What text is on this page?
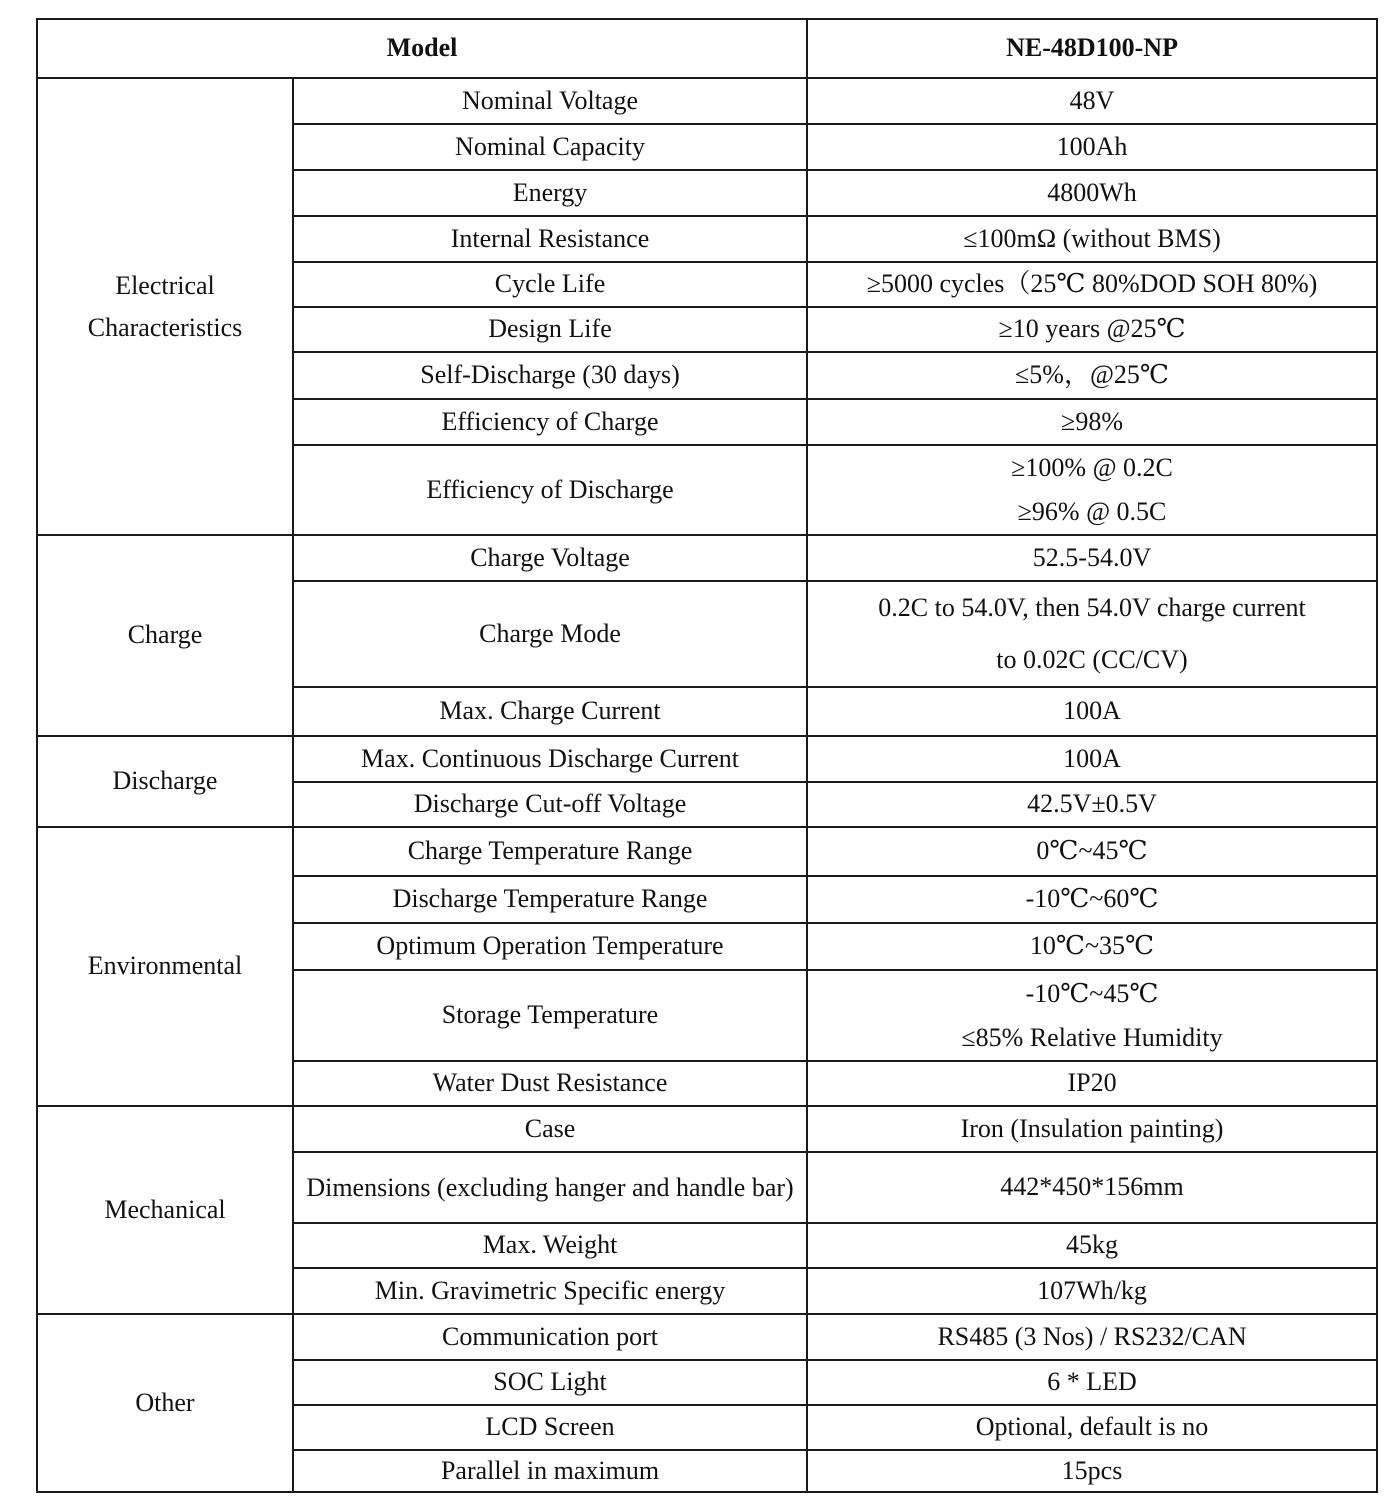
Model		NE-48D100-NP

Electrical
Characteristics	Nominal Voltage	48V
	Nominal Capacity	100Ah
	Energy	4800Wh
	Internal Resistance	≤100mΩ (without BMS)
	Cycle Life	≥5000 cycles（25℃ 80%DOD SOH 80%)
	Design Life	≥10 years @25℃
	Self-Discharge (30 days)	≤5%，@25℃
	Efficiency of Charge	≥98%
	Efficiency of Discharge	≥100% @ 0.2C
≥96% @ 0.5C

Charge	Charge Voltage	52.5-54.0V
	Charge Mode	0.2C to 54.0V, then 54.0V charge current
to 0.02C (CC/CV)

	Max. Charge Current	100A
Discharge	Max. Continuous Discharge Current	100A
	Discharge Cut-off Voltage	42.5V±0.5V
Environmental	Charge Temperature Range	0℃~45℃
	Discharge Temperature Range	-10℃~60℃
	Optimum Operation Temperature	10℃~35℃
	Storage Temperature	-10℃~45℃
≤85% Relative Humidity

	Water Dust Resistance	IP20
Mechanical	Case	Iron (Insulation painting)
	Dimensions (excluding hanger and handle bar)	442*450*156mm
	Max. Weight	45kg
	Min. Gravimetric Specific energy	107Wh/kg
Other	Communication port	RS485 (3 Nos) / RS232/CAN
	SOC Light	6 * LED
	LCD Screen	Optional, default is no
	Parallel in maximum	15pcs
